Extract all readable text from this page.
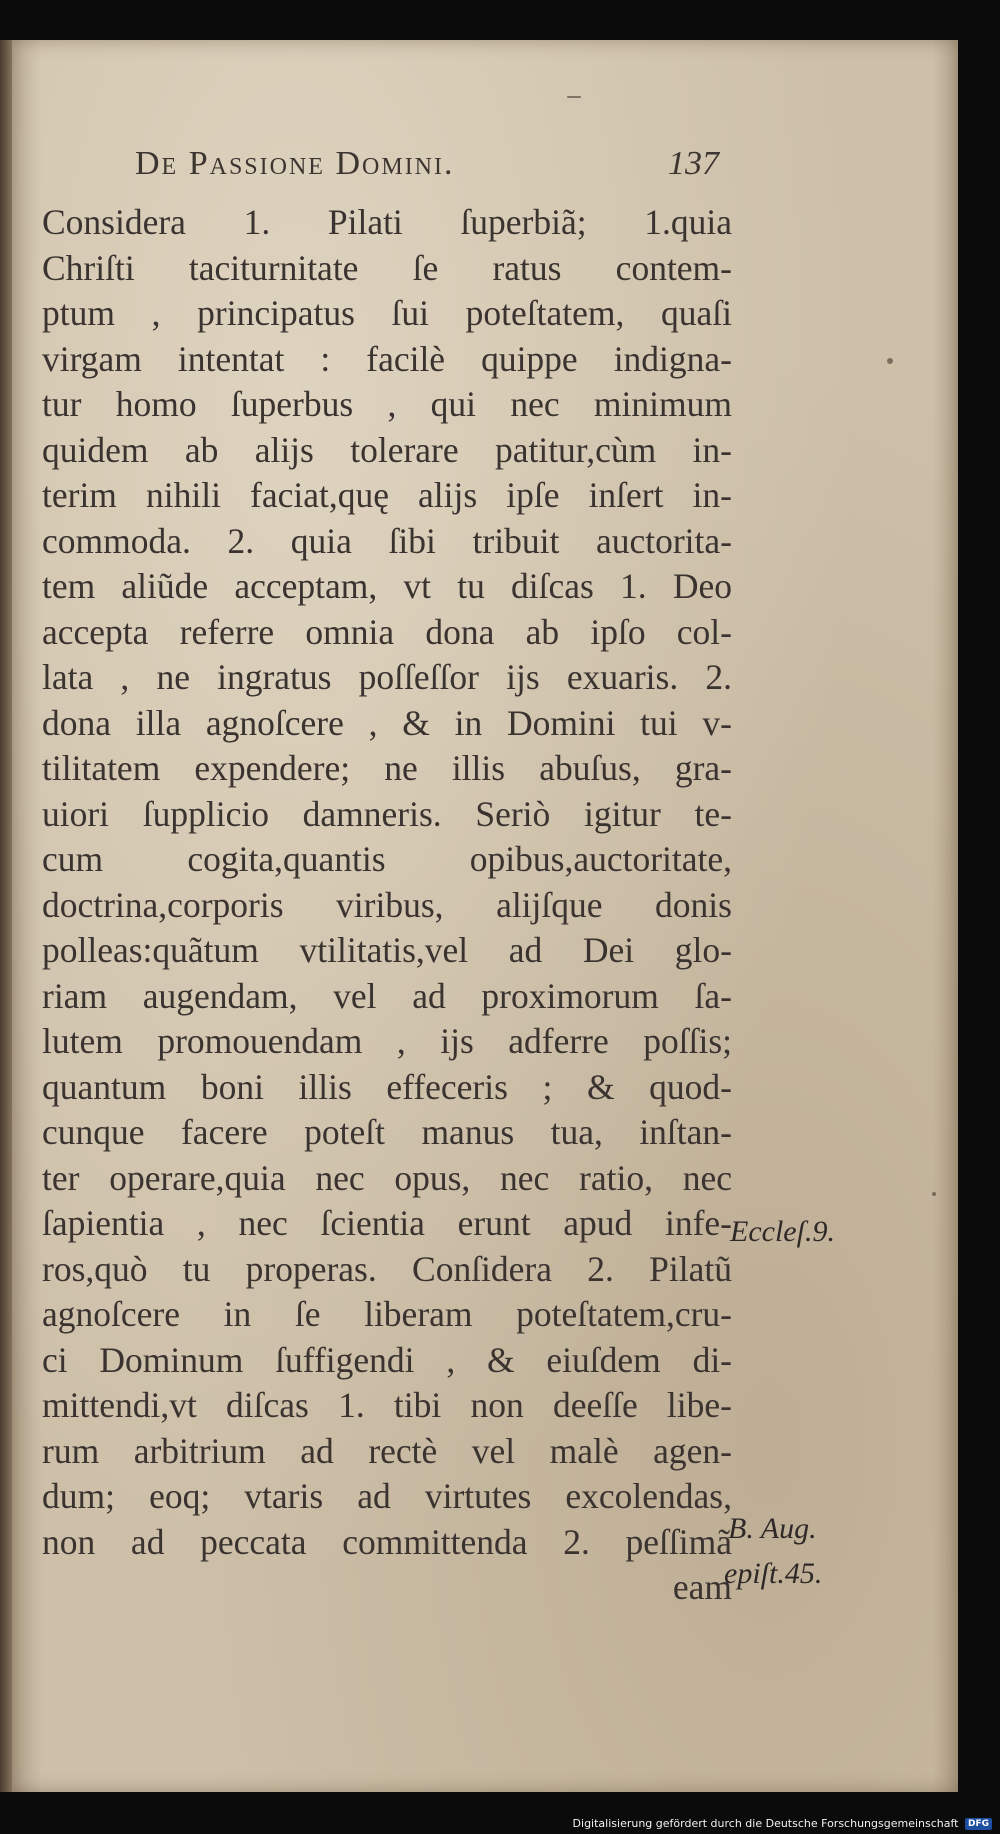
De Passione Domini.	137
Considera 1. Pilati ſuperbiã; 1.quia
Chriſti taciturnitate ſe ratus contem-
ptum , principatus ſui poteſtatem, quaſi
virgam intentat : facilè quippe indigna-
tur homo ſuperbus , qui nec minimum
quidem ab alijs tolerare patitur,cùm in-
terim nihili faciat,quę alijs ipſe inſert in-
commoda. 2. quia ſibi tribuit auctorita-
tem aliũde acceptam, vt tu diſcas 1. Deo
accepta referre omnia dona ab ipſo col-
lata , ne ingratus poſſeſſor ijs exuaris. 2.
dona illa agnoſcere , & in Domini tui v-
tilitatem expendere; ne illis abuſus, gra-
uiori ſupplicio damneris. Seriò igitur te-
cum cogita,quantis opibus,auctoritate,
doctrina,corporis viribus, alijſque donis
polleas:quãtum vtilitatis,vel ad Dei glo-
riam augendam, vel ad proximorum ſa-
lutem promouendam , ijs adferre poſſis;
quantum boni illis effeceris ; & quod-
cunque facere poteſt manus tua, inſtan-
ter operare,quia nec opus, nec ratio, nec
ſapientia , nec ſcientia erunt apud infe-
ros,quò tu properas. Conſidera 2. Pilatũ
agnoſcere in ſe liberam poteſtatem,cru-
ci Dominum ſuffigendi , & eiuſdem di-
mittendi,vt diſcas 1. tibi non deeſſe libe-
rum arbitrium ad rectè vel malè agen-
dum; eoq; vtaris ad virtutes excolendas,
non ad peccata committenda 2. peſſimã
eam
Eccleſ.9.
B. Aug.
epiſt.45.
Digitalisierung gefördert durch die Deutsche Forschungsgemeinschaft DFG
